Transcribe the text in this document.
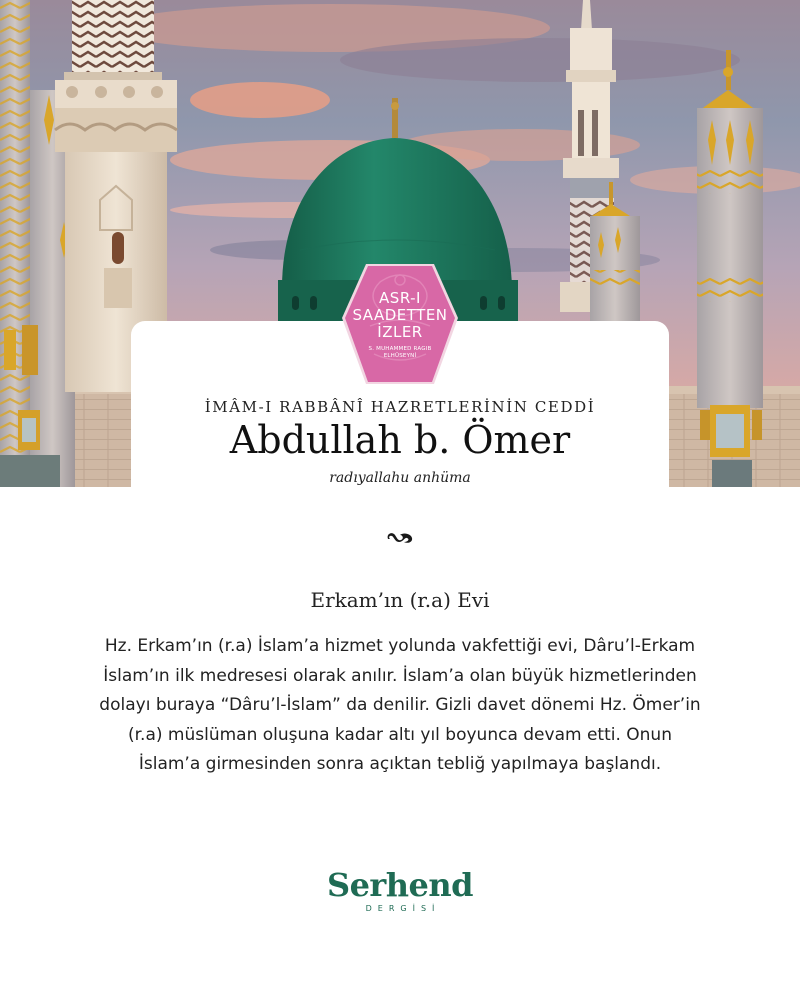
ASR-I
SAADETTEN
İZLER
S. MUHAMMED RAGIB
ELHÜSEYNİ
İMÂM-I RABBÂNÎ HAZRETLERİNİN CEDDİ
Abdullah b. Ömer
radıyallahu anhüma
Erkam’ın (r.a) Evi
Hz. Erkam’ın (r.a) İslam’a hizmet yolunda vakfettiği evi, Dâru’l-Erkam
İslam’ın ilk medresesi olarak anılır. İslam’a olan büyük hizmetlerinden
dolayı buraya “Dâru’l-İslam” da denilir. Gizli davet dönemi Hz. Ömer’in
(r.a) müslüman oluşuna kadar altı yıl boyunca devam etti. Onun
İslam’a girmesinden sonra açıktan tebliğ yapılmaya başlandı.
Serhend
DERGİSİ
